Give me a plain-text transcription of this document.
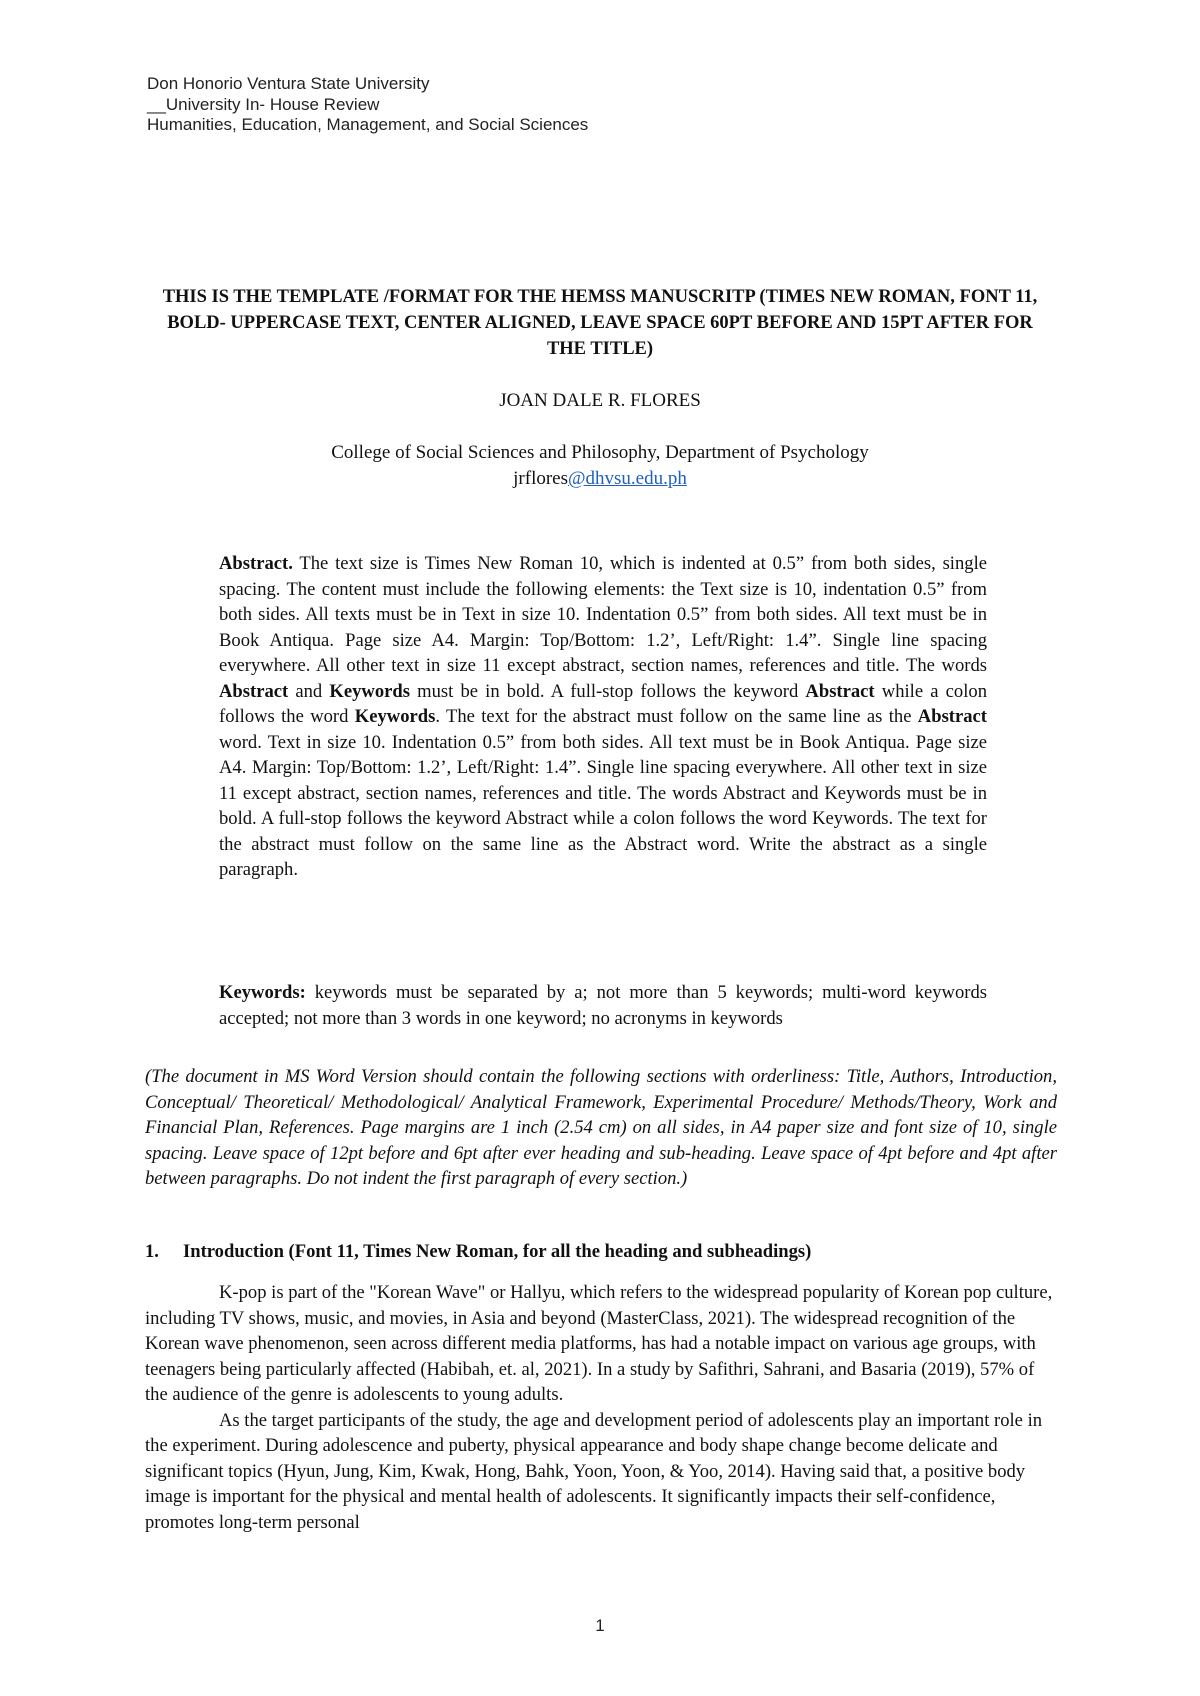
Don Honorio Ventura State University
__University In- House Review
Humanities, Education, Management, and Social Sciences
THIS IS THE TEMPLATE /FORMAT FOR THE HEMSS MANUSCRITP (TIMES NEW ROMAN, FONT 11, BOLD- UPPERCASE TEXT, CENTER ALIGNED, LEAVE SPACE 60PT BEFORE AND 15PT AFTER FOR THE TITLE)
JOAN DALE R. FLORES
College of Social Sciences and Philosophy, Department of Psychology
jrflores@dhvsu.edu.ph

Abstract. The text size is Times New Roman 10, which is indented at 0.5” from both sides, single spacing. The content must include the following elements: the Text size is 10, indentation 0.5” from both sides. All texts must be in Text in size 10. Indentation 0.5” from both sides. All text must be in Book Antiqua. Page size A4. Margin: Top/Bottom: 1.2’, Left/Right: 1.4”. Single line spacing everywhere. All other text in size 11 except abstract, section names, references and title. The words Abstract and Keywords must be in bold. A full-stop follows the keyword Abstract while a colon follows the word Keywords. The text for the abstract must follow on the same line as the Abstract word. Text in size 10. Indentation 0.5” from both sides. All text must be in Book Antiqua. Page size A4. Margin: Top/Bottom: 1.2’, Left/Right: 1.4”. Single line spacing everywhere. All other text in size 11 except abstract, section names, references and title. The words Abstract and Keywords must be in bold. A full-stop follows the keyword Abstract while a colon follows the word Keywords. The text for the abstract must follow on the same line as the Abstract word. Write the abstract as a single paragraph.

Keywords: keywords must be separated by a; not more than 5 keywords; multi-word keywords accepted; not more than 3 words in one keyword; no acronyms in keywords

(The document in MS Word Version should contain the following sections with orderliness: Title, Authors, Introduction, Conceptual/ Theoretical/ Methodological/ Analytical Framework, Experimental Procedure/ Methods/Theory, Work and Financial Plan, References. Page margins are 1 inch (2.54 cm) on all sides, in A4 paper size and font size of 10, single spacing. Leave space of 12pt before and 6pt after ever heading and sub-heading. Leave space of 4pt before and 4pt after between paragraphs. Do not indent the first paragraph of every section.)

1. Introduction (Font 11, Times New Roman, for all the heading and subheadings)

K-pop is part of the "Korean Wave" or Hallyu, which refers to the widespread popularity of Korean pop culture, including TV shows, music, and movies, in Asia and beyond (MasterClass, 2021). The widespread recognition of the Korean wave phenomenon, seen across different media platforms, has had a notable impact on various age groups, with teenagers being particularly affected (Habibah, et. al, 2021). In a study by Safithri, Sahrani, and Basaria (2019), 57% of the audience of the genre is adolescents to young adults.

As the target participants of the study, the age and development period of adolescents play an important role in the experiment. During adolescence and puberty, physical appearance and body shape change become delicate and significant topics (Hyun, Jung, Kim, Kwak, Hong, Bahk, Yoon, Yoon, & Yoo, 2014). Having said that, a positive body image is important for the physical and mental health of adolescents. It significantly impacts their self-confidence, promotes long-term personal

1
